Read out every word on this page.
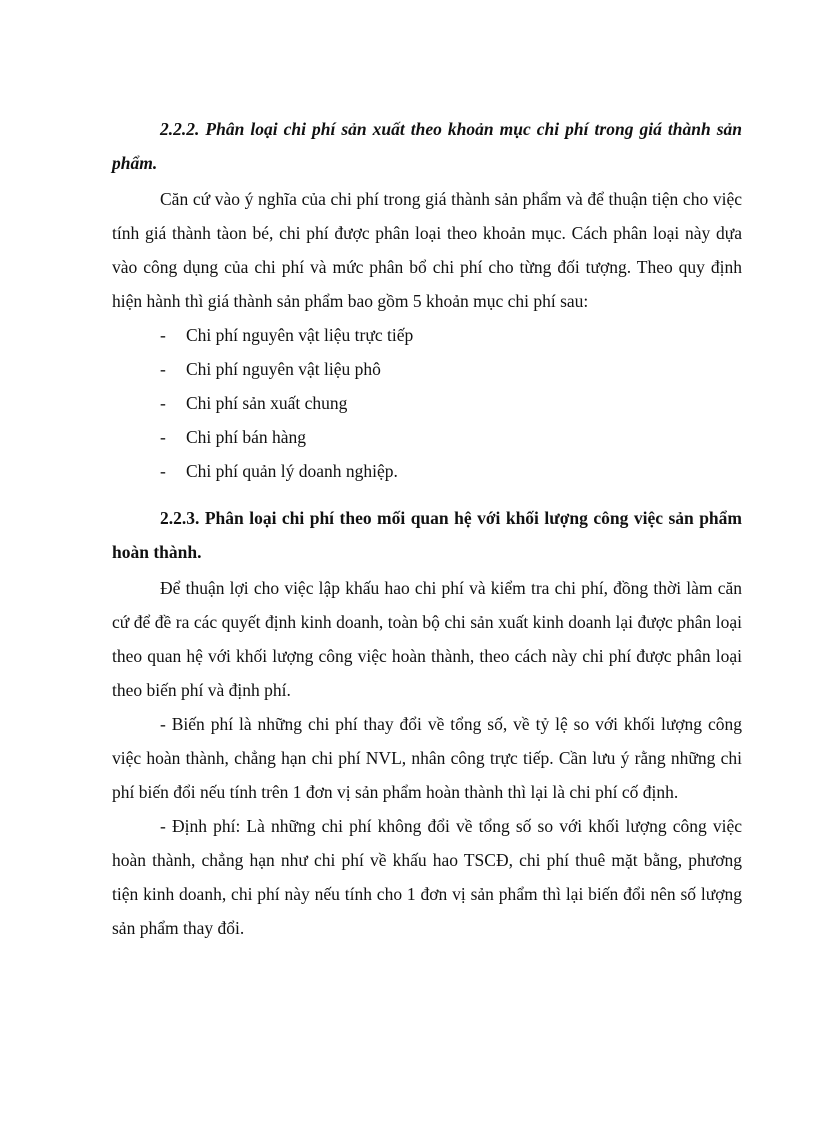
2.2.2. Phân loại chi phí sản xuất theo khoản mục chi phí trong giá thành sản phẩm.

Căn cứ vào ý nghĩa của chi phí trong giá thành sản phẩm và để thuận tiện cho việc tính giá thành tàon bé, chi phí được phân loại theo khoản mục. Cách phân loại này dựa vào công dụng của chi phí và mức phân bổ chi phí cho từng đối tượng. Theo quy định hiện hành thì giá thành sản phẩm bao gồm 5 khoản mục chi phí sau:

- Chi phí nguyên vật liệu trực tiếp
- Chi phí nguyên vật liệu phô
- Chi phí sản xuất chung
- Chi phí bán hàng
- Chi phí quản lý doanh nghiệp.

2.2.3. Phân loại chi phí theo mối quan hệ với khối lượng công việc sản phẩm hoàn thành.

Để thuận lợi cho việc lập khấu hao chi phí và kiểm tra chi phí, đồng thời làm căn cứ để đề ra các quyết định kinh doanh, toàn bộ chi sản xuất kinh doanh lại được phân loại theo quan hệ với khối lượng công việc hoàn thành, theo cách này chi phí được phân loại theo biến phí và định phí.

- Biến phí là những chi phí thay đổi về tổng số, về tỷ lệ so với khối lượng công việc hoàn thành, chẳng hạn chi phí NVL, nhân công trực tiếp. Cần lưu ý rằng những chi phí biến đổi nếu tính trên 1 đơn vị sản phẩm hoàn thành thì lại là chi phí cố định.

- Định phí: Là những chi phí không đổi về tổng số so với khối lượng công việc hoàn thành, chẳng hạn như chi phí về khấu hao TSCĐ, chi phí thuê mặt bằng, phương tiện kinh doanh, chi phí này nếu tính cho 1 đơn vị sản phẩm thì lại biến đổi nên số lượng sản phẩm thay đổi.
